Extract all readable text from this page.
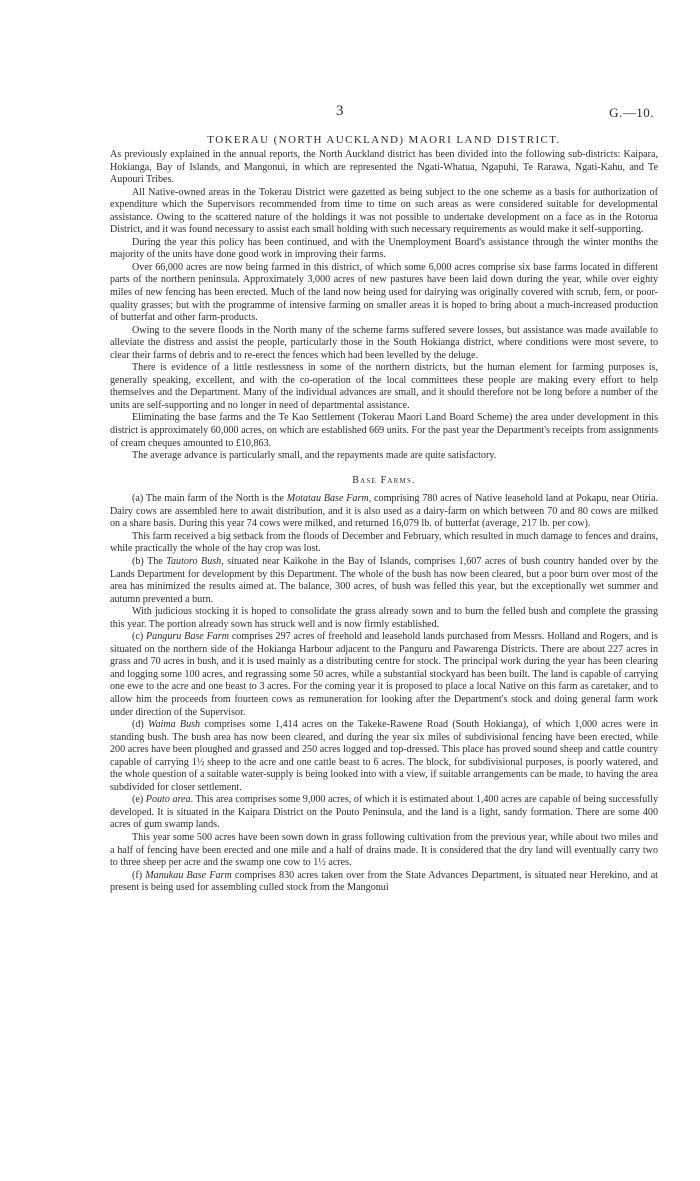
3	G.—10.
TOKERAU (NORTH AUCKLAND) MAORI LAND DISTRICT.

As previously explained in the annual reports, the North Auckland district has been divided into the following sub-districts: Kaipara, Hokianga, Bay of Islands, and Mangonui, in which are represented the Ngati-Whatua, Ngapuhi, Te Rarawa, Ngati-Kahu, and Te Aupouri Tribes.

All Native-owned areas in the Tokerau District were gazetted as being subject to the one scheme as a basis for authorization of expenditure which the Supervisors recommended from time to time on such areas as were considered suitable for developmental assistance. Owing to the scattered nature of the holdings it was not possible to undertake development on a face as in the Rotorua District, and it was found necessary to assist each small holding with such necessary requirements as would make it self-supporting.

During the year this policy has been continued, and with the Unemployment Board's assistance through the winter months the majority of the units have done good work in improving their farms.

Over 66,000 acres are now being farmed in this district, of which some 6,000 acres comprise six base farms located in different parts of the northern peninsula. Approximately 3,000 acres of new pastures have been laid down during the year, while over eighty miles of new fencing has been erected. Much of the land now being used for dairying was originally covered with scrub, fern, or poor-quality grasses; but with the programme of intensive farming on smaller areas it is hoped to bring about a much-increased production of butterfat and other farm-products.

Owing to the severe floods in the North many of the scheme farms suffered severe losses, but assistance was made available to alleviate the distress and assist the people, particularly those in the South Hokianga district, where conditions were most severe, to clear their farms of debris and to re-erect the fences which had been levelled by the deluge.

There is evidence of a little restlessness in some of the northern districts, but the human element for farming purposes is, generally speaking, excellent, and with the co-operation of the local committees these people are making every effort to help themselves and the Department. Many of the individual advances are small, and it should therefore not be long before a number of the units are self-supporting and no longer in need of departmental assistance.

Eliminating the base farms and the Te Kao Settlement (Tokerau Maori Land Board Scheme) the area under development in this district is approximately 60,000 acres, on which are established 669 units. For the past year the Department's receipts from assignments of cream cheques amounted to £10,863.

The average advance is particularly small, and the repayments made are quite satisfactory.

Base Farms.

(a) The main farm of the North is the Motatau Base Farm, comprising 780 acres of Native leasehold land at Pokapu, near Otiria. Dairy cows are assembled here to await distribution, and it is also used as a dairy-farm on which between 70 and 80 cows are milked on a share basis. During this year 74 cows were milked, and returned 16,079 lb. of butterfat (average, 217 lb. per cow).

This farm received a big setback from the floods of December and February, which resulted in much damage to fences and drains, while practically the whole of the hay crop was lost.

(b) The Tautoro Bush, situated near Kaikohe in the Bay of Islands, comprises 1,607 acres of bush country handed over by the Lands Department for development by this Department. The whole of the bush has now been cleared, but a poor burn over most of the area has minimized the results aimed at. The balance, 300 acres, of bush was felled this year, but the exceptionally wet summer and autumn prevented a burn.

With judicious stocking it is hoped to consolidate the grass already sown and to burn the felled bush and complete the grassing this year. The portion already sown has struck well and is now firmly established.

(c) Panguru Base Farm comprises 297 acres of freehold and leasehold lands purchased from Messrs. Holland and Rogers, and is situated on the northern side of the Hokianga Harbour adjacent to the Panguru and Pawarenga Districts. There are about 227 acres in grass and 70 acres in bush, and it is used mainly as a distributing centre for stock. The principal work during the year has been clearing and logging some 100 acres, and regrassing some 50 acres, while a substantial stockyard has been built. The land is capable of carrying one ewe to the acre and one beast to 3 acres. For the coming year it is proposed to place a local Native on this farm as caretaker, and to allow him the proceeds from fourteen cows as remuneration for looking after the Department's stock and doing general farm work under direction of the Supervisor.

(d) Waima Bush comprises some 1,414 acres on the Takeke-Rawene Road (South Hokianga), of which 1,000 acres were in standing bush. The bush area has now been cleared, and during the year six miles of subdivisional fencing have been erected, while 200 acres have been ploughed and grassed and 250 acres logged and top-dressed. This place has proved sound sheep and cattle country capable of carrying 1½ sheep to the acre and one cattle beast to 6 acres. The block, for subdivisional purposes, is poorly watered, and the whole question of a suitable water-supply is being looked into with a view, if suitable arrangements can be made, to having the area subdivided for closer settlement.

(e) Pouto area. This area comprises some 9,000 acres, of which it is estimated about 1,400 acres are capable of being successfully developed. It is situated in the Kaipara District on the Pouto Peninsula, and the land is a light, sandy formation. There are some 400 acres of gum swamp lands.

This year some 500 acres have been sown down in grass following cultivation from the previous year, while about two miles and a half of fencing have been erected and one mile and a half of drains made. It is considered that the dry land will eventually carry two to three sheep per acre and the swamp one cow to 1½ acres.

(f) Manukau Base Farm comprises 830 acres taken over from the State Advances Department, is situated near Herekino, and at present is being used for assembling culled stock from the Mangonui
